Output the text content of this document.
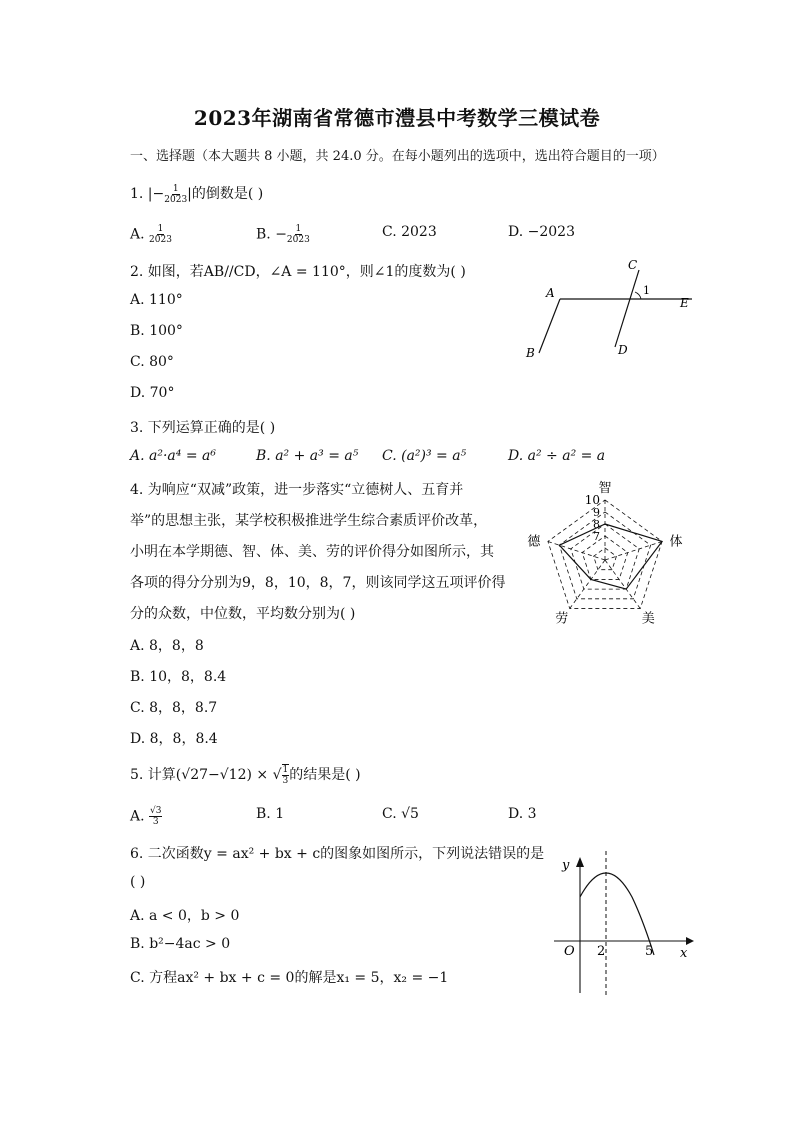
2023年湖南省常德市澧县中考数学三模试卷
一、选择题（本大题共 8 小题，共 24.0 分。在每小题列出的选项中，选出符合题目的一项）
1. |− $\frac{1}{2023}$ |的倒数是( )
A. $\frac{1}{2023}$	B. − $\frac{1}{2023}$	C. 2023	D. −2023
2. 如图，若AB//CD，∠A = 110°，则∠1的度数为( )
A. 110°
B. 100°
C. 80°
D. 70°
A
B
C
D
E
1
3. 下列运算正确的是( )
A. a²·a⁴ = a⁶	B. a² + a³ = a⁵ C. (a²)³ = a⁵	D. a² ÷ a² = a
4. 为响应“双减”政策，进一步落实“立德树人、五育并
举”的思想主张，某学校积极推进学生综合素质评价改革，
小明在本学期德、智、体、美、劳的评价得分如图所示，其
各项的得分分别为9，8，10，8，7，则该同学这五项评价得
分的众数，中位数，平均数分别为( )
A. 8，8，8
B. 10，8，8.4
C. 8，8，8.7
D. 8，8，8.4
10
9
8
7
智
体
美
劳
德
5. 计算(√27−√12) × √ $\frac{1}{3}$ 的结果是( )
A. $\frac{√3}{3}$	B. 1	C. √5	D. 3
6. 二次函数y = ax² + bx + c的图象如图所示，下列说法错误的是
( )
A. a < 0，b > 0
B. b²−4ac > 0
C. 方程ax² + bx + c = 0的解是x₁ = 5，x₂ = −1
y
x
O 2	5
